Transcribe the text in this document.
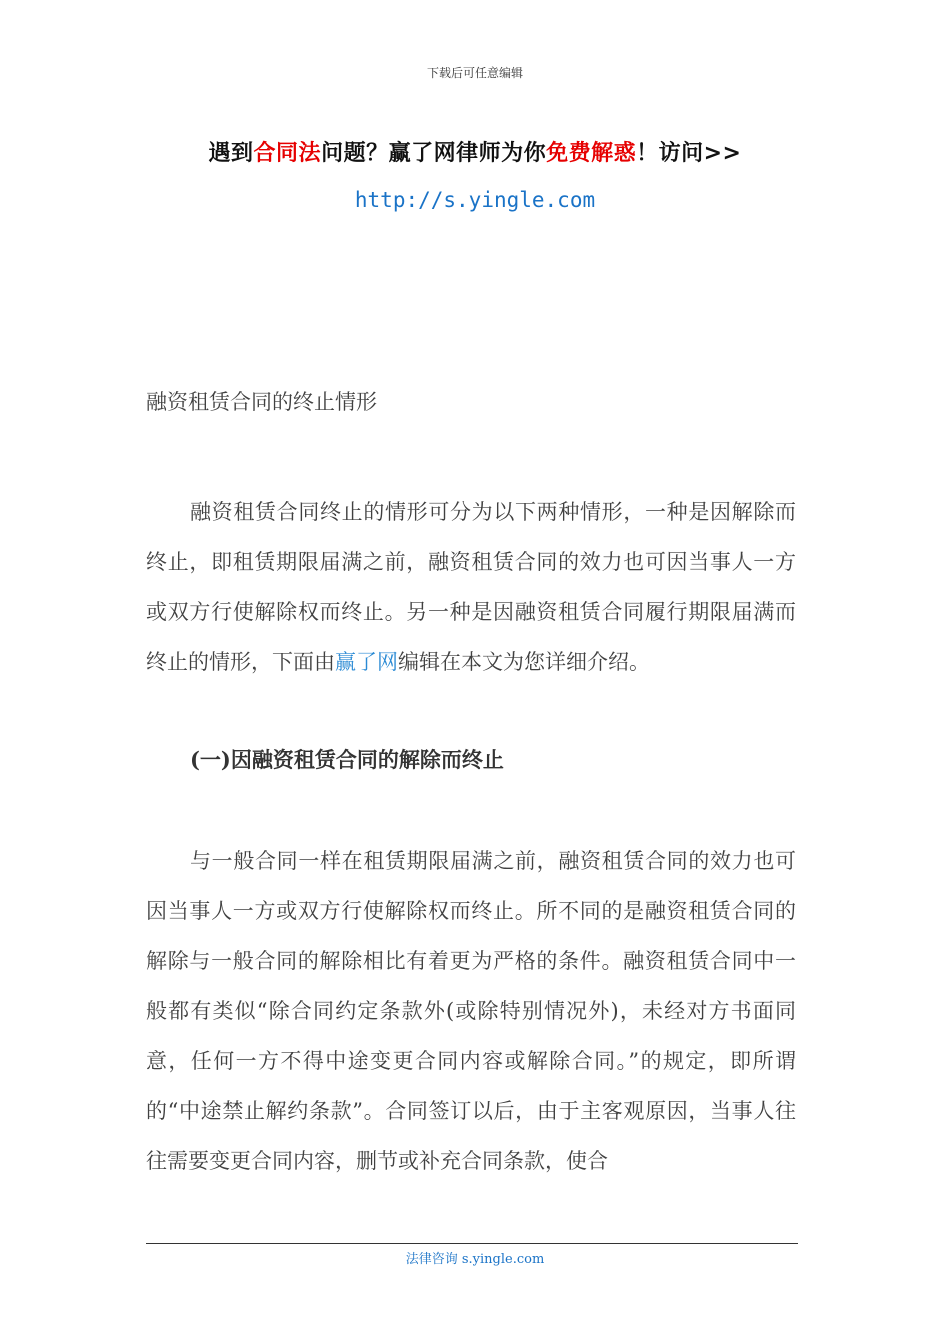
下载后可任意编辑
遇到合同法问题？赢了网律师为你免费解惑！访问>>
http://s.yingle.com
融资租赁合同的终止情形

融资租赁合同终止的情形可分为以下两种情形，一种是因解除而终止，即租赁期限届满之前，融资租赁合同的效力也可因当事人一方或双方行使解除权而终止。另一种是因融资租赁合同履行期限届满而终止的情形，下面由赢了网编辑在本文为您详细介绍。

(一)因融资租赁合同的解除而终止

与一般合同一样在租赁期限届满之前，融资租赁合同的效力也可因当事人一方或双方行使解除权而终止。所不同的是融资租赁合同的解除与一般合同的解除相比有着更为严格的条件。融资租赁合同中一般都有类似“除合同约定条款外(或除特别情况外)，未经对方书面同意，任何一方不得中途变更合同内容或解除合同。”的规定，即所谓的“中途禁止解约条款”。合同签订以后，由于主客观原因，当事人往往需要变更合同内容，删节或补充合同条款，使合

法律咨询 s.yingle.com
